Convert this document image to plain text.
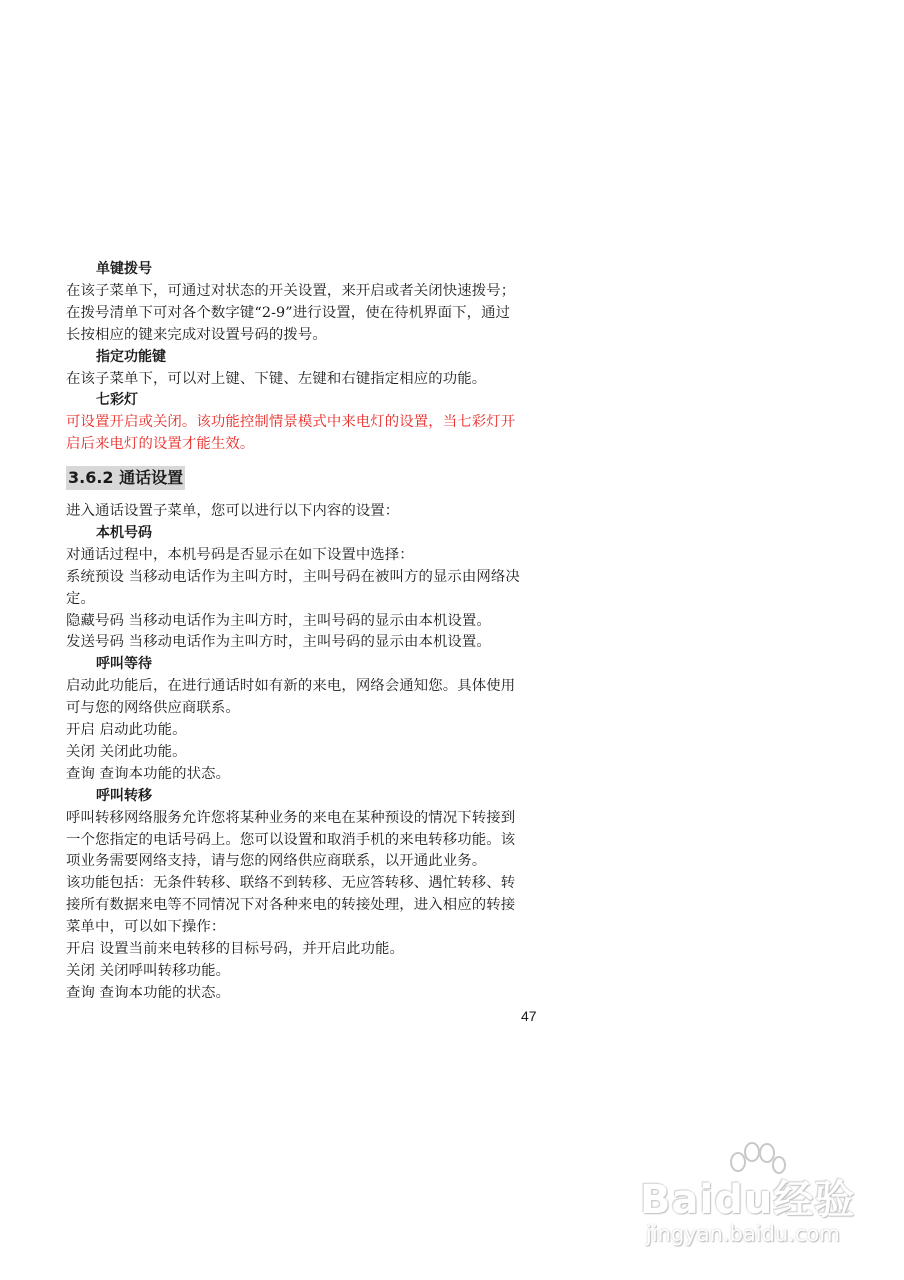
单键拨号
在该子菜单下，可通过对状态的开关设置，来开启或者关闭快速拨号；
在拨号清单下可对各个数字键“2-9”进行设置，使在待机界面下，通过
长按相应的键来完成对设置号码的拨号。
指定功能键
在该子菜单下，可以对上键、下键、左键和右键指定相应的功能。
七彩灯
可设置开启或关闭。该功能控制情景模式中来电灯的设置，当七彩灯开
启后来电灯的设置才能生效。
3.6.2 通话设置
进入通话设置子菜单，您可以进行以下内容的设置：
本机号码
对通话过程中，本机号码是否显示在如下设置中选择：
系统预设 当移动电话作为主叫方时，主叫号码在被叫方的显示由网络决
定。
隐藏号码 当移动电话作为主叫方时，主叫号码的显示由本机设置。
发送号码 当移动电话作为主叫方时，主叫号码的显示由本机设置。
呼叫等待
启动此功能后，在进行通话时如有新的来电，网络会通知您。具体使用
可与您的网络供应商联系。
开启 启动此功能。
关闭 关闭此功能。
查询 查询本功能的状态。
呼叫转移
呼叫转移网络服务允许您将某种业务的来电在某种预设的情况下转接到
一个您指定的电话号码上。您可以设置和取消手机的来电转移功能。该
项业务需要网络支持，请与您的网络供应商联系，以开通此业务。
该功能包括：无条件转移、联络不到转移、无应答转移、遇忙转移、转
接所有数据来电等不同情况下对各种来电的转接处理，进入相应的转接
菜单中，可以如下操作：
开启 设置当前来电转移的目标号码，并开启此功能。
关闭 关闭呼叫转移功能。
查询 查询本功能的状态。
47
Baidu经验
jingyan.baidu.com
